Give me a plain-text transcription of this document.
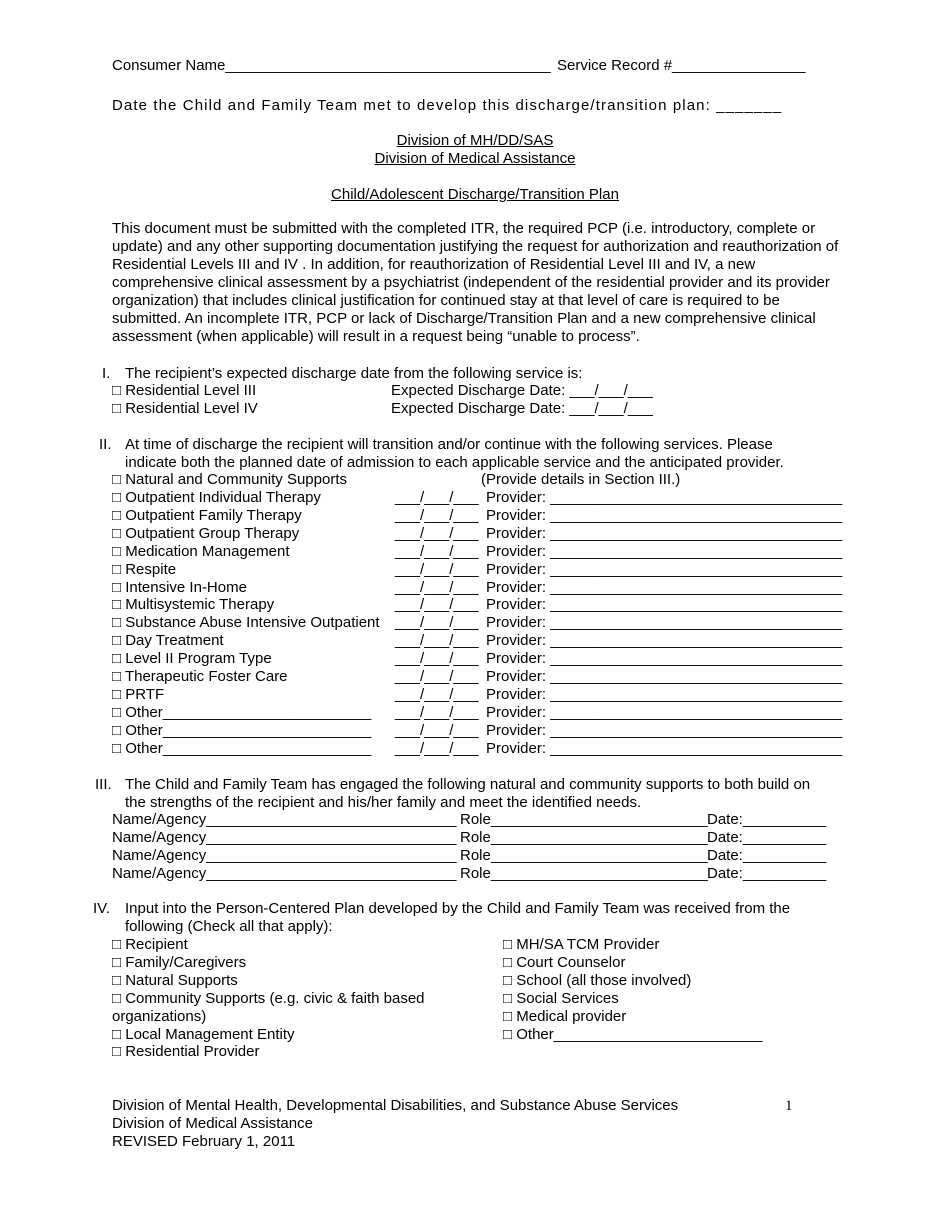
Consumer Name_______________________________________ Service Record #________________
Date the Child and Family Team met to develop this discharge/transition plan: _______
Division of MH/DD/SAS
Division of Medical Assistance
Child/Adolescent Discharge/Transition Plan
This document must be submitted with the completed ITR, the required PCP (i.e. introductory, complete or update) and any other supporting documentation justifying the request for authorization and reauthorization of Residential Levels III and IV . In addition, for reauthorization of Residential Level III and IV, a new comprehensive clinical assessment by a psychiatrist (independent of the residential provider and its provider organization) that includes clinical justification for continued stay at that level of care is required to be submitted. An incomplete ITR, PCP or lack of Discharge/Transition Plan and a new comprehensive clinical assessment (when applicable) will result in a request being “unable to process”.
I. The recipient’s expected discharge date from the following service is:
□ Residential Level III	Expected Discharge Date: ___/___/___
□ Residential Level IV	Expected Discharge Date: ___/___/___
II. At time of discharge the recipient will transition and/or continue with the following services. Please
indicate both the planned date of admission to each applicable service and the anticipated provider.
□ Natural and Community Supports	(Provide details in Section III.)
□ Outpatient Individual Therapy	___/___/___ Provider: ___________________________________
□ Outpatient Family Therapy	___/___/___ Provider: ___________________________________
□ Outpatient Group Therapy	___/___/___ Provider: ___________________________________
□ Medication Management	___/___/___ Provider: ___________________________________
□ Respite	___/___/___ Provider: ___________________________________
□ Intensive In-Home	___/___/___ Provider: ___________________________________
□ Multisystemic Therapy	___/___/___ Provider: ___________________________________
□ Substance Abuse Intensive Outpatient ___/___/___ Provider: ___________________________________
□ Day Treatment	___/___/___ Provider: ___________________________________
□ Level II Program Type	___/___/___ Provider: ___________________________________
□ Therapeutic Foster Care	___/___/___ Provider: ___________________________________
□ PRTF	___/___/___ Provider: ___________________________________
□ Other_________________________ ___/___/___ Provider: ___________________________________
□ Other_________________________ ___/___/___ Provider: ___________________________________
□ Other_________________________ ___/___/___ Provider: ___________________________________
III. The Child and Family Team has engaged the following natural and community supports to both build on
the strengths of the recipient and his/her family and meet the identified needs.
Name/Agency______________________________ Role__________________________ Date:__________
Name/Agency______________________________ Role__________________________ Date:__________
Name/Agency______________________________ Role__________________________ Date:__________
Name/Agency______________________________ Role__________________________ Date:__________
IV. Input into the Person-Centered Plan developed by the Child and Family Team was received from the
following (Check all that apply):
□ Recipient
□ Family/Caregivers
□ Natural Supports
□ Community Supports (e.g. civic & faith based
organizations)
□ Local Management Entity
□ Residential Provider
□ MH/SA TCM Provider
□ Court Counselor
□ School (all those involved)
□ Social Services
□ Medical provider
□ Other_________________________
Division of Mental Health, Developmental Disabilities, and Substance Abuse Services	1
Division of Medical Assistance
REVISED February 1, 2011
